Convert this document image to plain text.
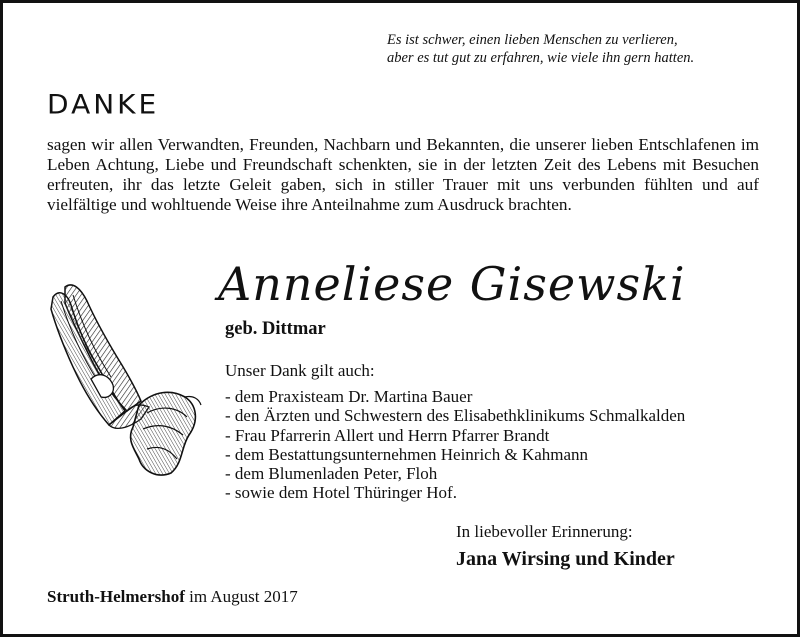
Es ist schwer, einen lieben Menschen zu verlieren,
aber es tut gut zu erfahren, wie viele ihn gern hatten.
DANKE
sagen wir allen Verwandten, Freunden, Nachbarn und Bekannten, die unserer lieben Entschlafenen im Leben Achtung, Liebe und Freundschaft schenkten, sie in der letzten Zeit des Lebens mit Besuchen erfreuten, ihr das letzte Geleit gaben, sich in stiller Trauer mit uns verbunden fühlten und auf vielfältige und wohltuende Weise ihre Anteilnahme zum Ausdruck brachten.
Anneliese Gisewski
geb. Dittmar
Unser Dank gilt auch:
- dem Praxisteam Dr. Martina Bauer
- den Ärzten und Schwestern des Elisabethklinikums Schmalkalden
- Frau Pfarrerin Allert und Herrn Pfarrer Brandt
- dem Bestattungsunternehmen Heinrich & Kahmann
- dem Blumenladen Peter, Floh
- sowie dem Hotel Thüringer Hof.
In liebevoller Erinnerung:
Jana Wirsing und Kinder
Struth-Helmershof im August 2017
